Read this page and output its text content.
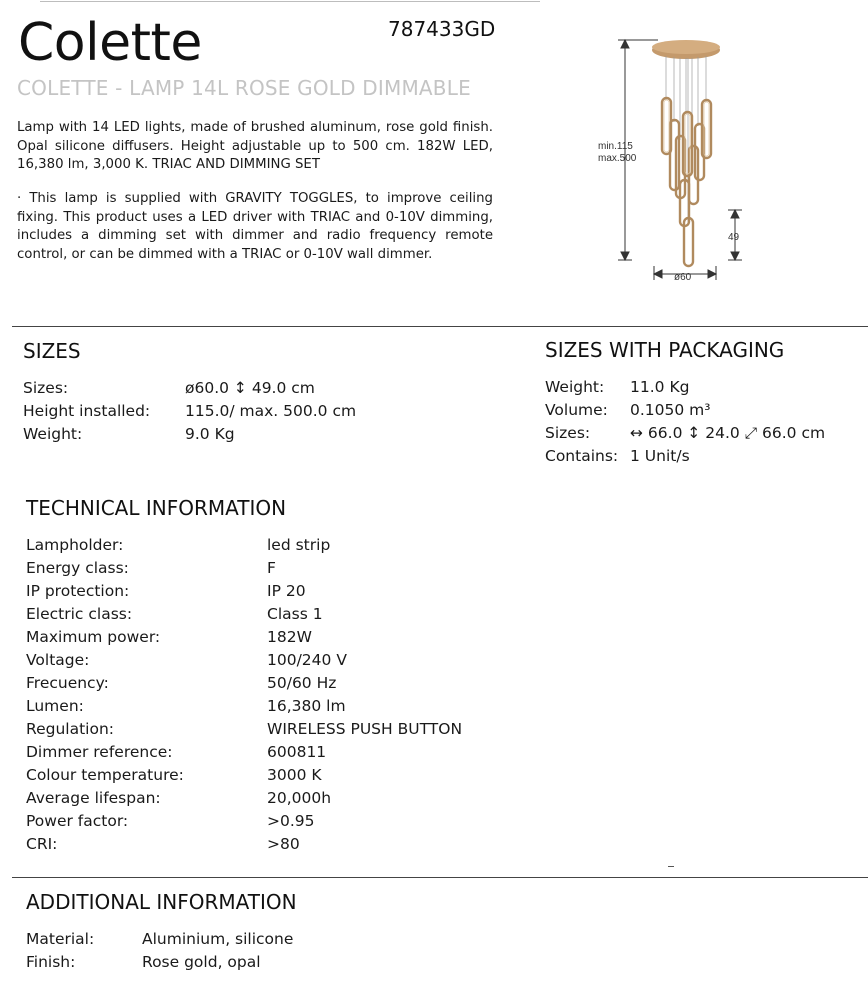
Colette	787433GD
COLETTE - LAMP 14L ROSE GOLD DIMMABLE

Lamp with 14 LED lights, made of brushed aluminum, rose gold finish. Opal silicone diffusers. Height adjustable up to 500 cm. 182W LED, 16,380 lm, 3,000 K. TRIAC AND DIMMING SET

· This lamp is supplied with GRAVITY TOGGLES, to improve ceiling fixing. This product uses a LED driver with TRIAC and 0-10V dimming, includes a dimming set with dimmer and radio frequency remote control, or can be dimmed with a TRIAC or 0-10V wall dimmer.

min.115
max.500
49
ø60
SIZES
Sizes:	ø60.0 ↕ 49.0 cm
Height installed: 115.0/ max. 500.0 cm
Weight:	9.0 Kg
SIZES WITH PACKAGING
Weight: 11.0 Kg
Volume: 0.1050 m³
Sizes:	↔ 66.0 ↕ 24.0 ⤢ 66.0 cm
Contains: 1 Unit/s
TECHNICAL INFORMATION
Lampholder:	led strip
Energy class:	F
IP protection:	IP 20
Electric class:	Class 1
Maximum power:	182W
Voltage:	100/240 V
Frecuency:	50/60 Hz
Lumen:	16,380 lm
Regulation:	WIRELESS PUSH BUTTON
Dimmer reference:	600811
Colour temperature:	3000 K
Average lifespan:	20,000h
Power factor:	>0.95
CRI:	>80
ADDITIONAL INFORMATION
Material:	Aluminium, silicone
Finish:	Rose gold, opal
